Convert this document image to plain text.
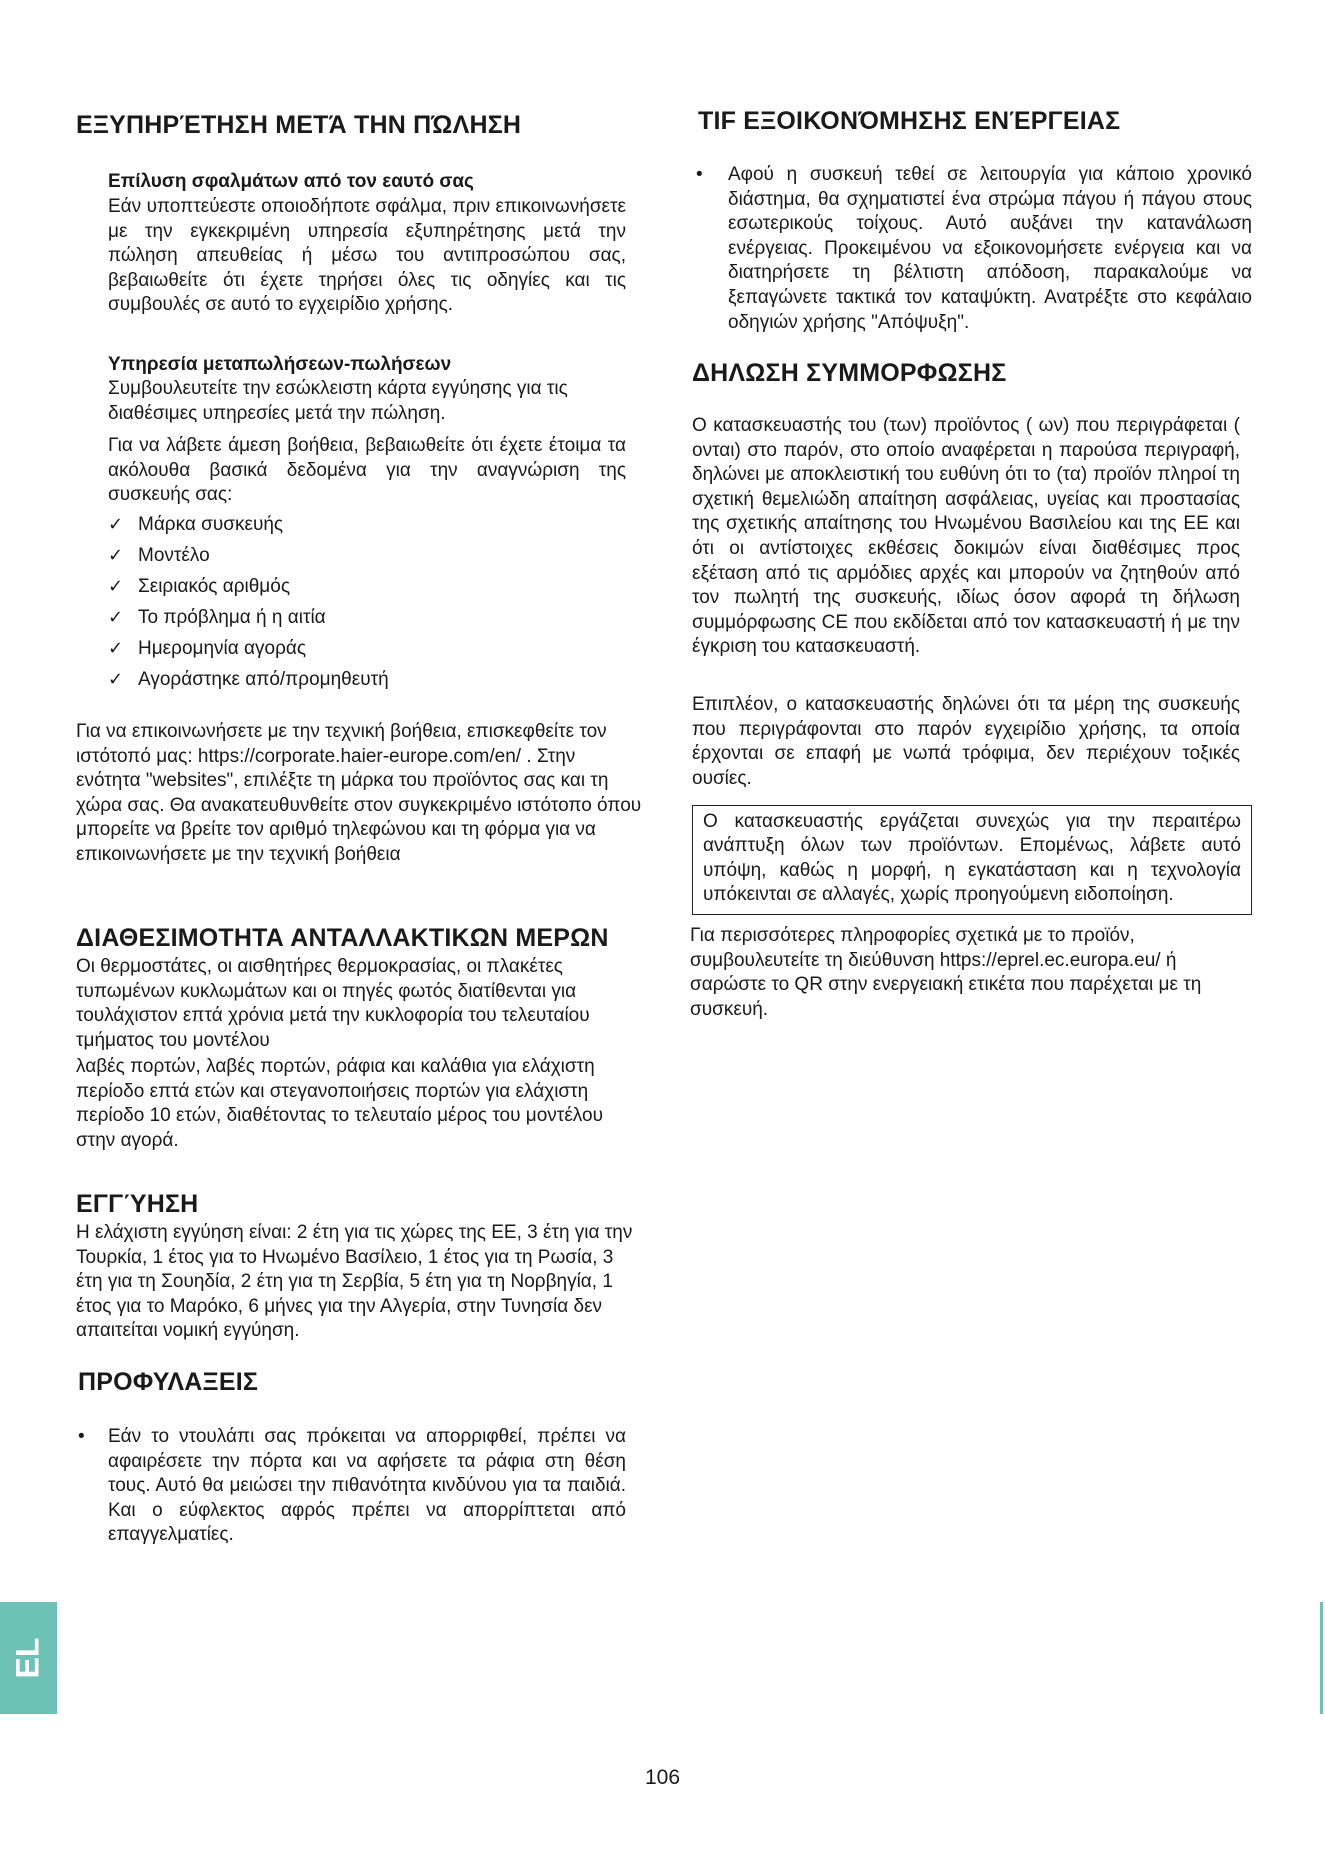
ΕΞΥΠΗΡΈΤΗΣΗ ΜΕΤΆ ΤΗΝ ΠΏΛΗΣΗ
Επίλυση σφαλμάτων από τον εαυτό σας

Εάν υποπτεύεστε οποιοδήποτε σφάλμα, πριν επικοινωνήσετε με την εγκεκριμένη υπηρεσία εξυπηρέτησης μετά την πώληση απευθείας ή μέσω του αντιπροσώπου σας, βεβαιωθείτε ότι έχετε τηρήσει όλες τις οδηγίες και τις συμβουλές σε αυτό το εγχειρίδιο χρήσης.

Υπηρεσία μεταπωλήσεων-πωλήσεων

Συμβουλευτείτε την εσώκλειστη κάρτα εγγύησης για τις διαθέσιμες υπηρεσίες μετά την πώληση.

Για να λάβετε άμεση βοήθεια, βεβαιωθείτε ότι έχετε έτοιμα τα ακόλουθα βασικά δεδομένα για την αναγνώριση της συσκευής σας:

✓ Μάρκα συσκευής
✓ Μοντέλο
✓ Σειριακός αριθμός
✓ Το πρόβλημα ή η αιτία
✓ Ημερομηνία αγοράς
✓ Αγοράστηκε από/προμηθευτή

Για να επικοινωνήσετε με την τεχνική βοήθεια, επισκεφθείτε τον ιστότοπό μας: https://corporate.haier-europe.com/en/ . Στην ενότητα "websites", επιλέξτε τη μάρκα του προϊόντος σας και τη χώρα σας. Θα ανακατευθυνθείτε στον συγκεκριμένο ιστότοπο όπου μπορείτε να βρείτε τον αριθμό τηλεφώνου και τη φόρμα για να επικοινωνήσετε με την τεχνική βοήθεια

ΔΙΑΘΕΣΙΜΟΤΗΤΑ ΑΝΤΑΛΛΑΚΤΙΚΩΝ ΜΕΡΩΝ

Οι θερμοστάτες, οι αισθητήρες θερμοκρασίας, οι πλακέτες τυπωμένων κυκλωμάτων και οι πηγές φωτός διατίθενται για τουλάχιστον επτά χρόνια μετά την κυκλοφορία του τελευταίου τμήματος του μοντέλου

λαβές πορτών, λαβές πορτών, ράφια και καλάθια για ελάχιστη περίοδο επτά ετών και στεγανοποιήσεις πορτών για ελάχιστη περίοδο 10 ετών, διαθέτοντας το τελευταίο μέρος του μοντέλου στην αγορά.

ΕΓΓΎΗΣΗ

Η ελάχιστη εγγύηση είναι: 2 έτη για τις χώρες της ΕΕ, 3 έτη για την Τουρκία, 1 έτος για το Ηνωμένο Βασίλειο, 1 έτος για τη Ρωσία, 3 έτη για τη Σουηδία, 2 έτη για τη Σερβία, 5 έτη για τη Νορβηγία, 1 έτος για το Μαρόκο, 6 μήνες για την Αλγερία, στην Τυνησία δεν απαιτείται νομική εγγύηση.

ΠΡΟΦΥΛΑΞΕΙΣ
• Εάν το ντουλάπι σας πρόκειται να απορριφθεί, πρέπει να αφαιρέσετε την πόρτα και να αφήσετε τα ράφια στη θέση τους. Αυτό θα μειώσει την πιθανότητα κινδύνου για τα παιδιά. Και ο εύφλεκτος αφρός πρέπει να απορρίπτεται από επαγγελματίες.

TIF ΕΞΟΙΚΟΝΌΜΗΣΗΣ ΕΝΈΡΓΕΙΑΣ
• Αφού η συσκευή τεθεί σε λειτουργία για κάποιο χρονικό διάστημα, θα σχηματιστεί ένα στρώμα πάγου ή πάγου στους εσωτερικούς τοίχους. Αυτό αυξάνει την κατανάλωση ενέργειας. Προκειμένου να εξοικονομήσετε ενέργεια και να διατηρήσετε τη βέλτιστη απόδοση, παρακαλούμε να ξεπαγώνετε τακτικά τον καταψύκτη. Ανατρέξτε στο κεφάλαιο οδηγιών χρήσης "Απόψυξη".

ΔΗΛΩΣΗ ΣΥΜΜΟΡΦΩΣΗΣ

Ο κατασκευαστής του (των) προϊόντος ( ων) που περιγράφεται ( ονται) στο παρόν, στο οποίο αναφέρεται η παρούσα περιγραφή, δηλώνει με αποκλειστική του ευθύνη ότι το (τα) προϊόν πληροί τη σχετική θεμελιώδη απαίτηση ασφάλειας, υγείας και προστασίας της σχετικής απαίτησης του Ηνωμένου Βασιλείου και της ΕΕ και ότι οι αντίστοιχες εκθέσεις δοκιμών είναι διαθέσιμες προς εξέταση από τις αρμόδιες αρχές και μπορούν να ζητηθούν από τον πωλητή της συσκευής, ιδίως όσον αφορά τη δήλωση συμμόρφωσης CE που εκδίδεται από τον κατασκευαστή ή με την έγκριση του κατασκευαστή.

Επιπλέον, ο κατασκευαστής δηλώνει ότι τα μέρη της συσκευής που περιγράφονται στο παρόν εγχειρίδιο χρήσης, τα οποία έρχονται σε επαφή με νωπά τρόφιμα, δεν περιέχουν τοξικές ουσίες.

Ο κατασκευαστής εργάζεται συνεχώς για την περαιτέρω ανάπτυξη όλων των προϊόντων. Επομένως, λάβετε αυτό υπόψη, καθώς η μορφή, η εγκατάσταση και η τεχνολογία υπόκεινται σε αλλαγές, χωρίς προηγούμενη ειδοποίηση.

Για περισσότερες πληροφορίες σχετικά με το προϊόν, συμβουλευτείτε τη διεύθυνση https://eprel.ec.europa.eu/ ή σαρώστε το QR στην ενεργειακή ετικέτα που παρέχεται με τη συσκευή.

EL
106
